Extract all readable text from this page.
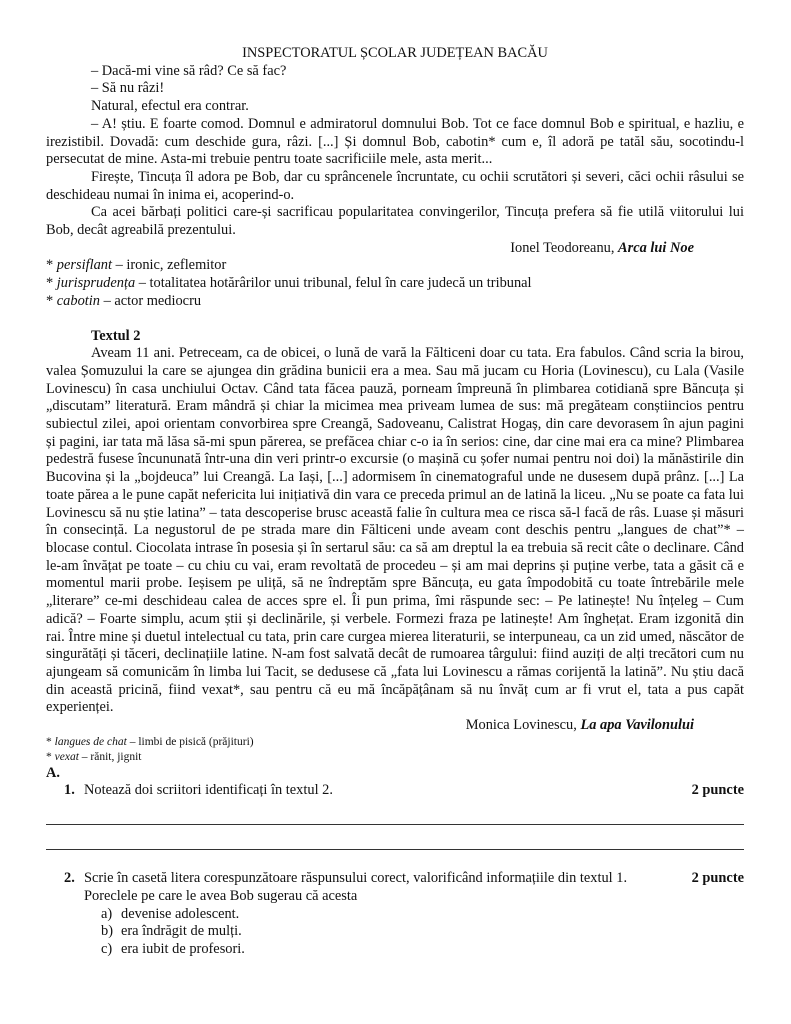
INSPECTORATUL ȘCOLAR JUDEȚEAN BACĂU

– Dacă-mi vine să râd? Ce să fac?

– Să nu râzi!

Natural, efectul era contrar.

– A! știu. E foarte comod. Domnul e admiratorul domnului Bob. Tot ce face domnul Bob e spiritual, e hazliu, e irezistibil. Dovadă: cum deschide gura, râzi. [...] Și domnul Bob, cabotin* cum e, îl adoră pe tatăl său, socotindu-l persecutat de mine. Asta-mi trebuie pentru toate sacrificiile mele, asta merit...

Firește, Tincuța îl adora pe Bob, dar cu sprâncenele încruntate, cu ochii scrutători și severi, căci ochii râsului se deschideau numai în inima ei, acoperind-o.

Ca acei bărbați politici care-și sacrificau popularitatea convingerilor, Tincuța prefera să fie utilă viitorului lui Bob, decât agreabilă prezentului.

Ionel Teodoreanu, Arca lui Noe

* persiflant – ironic, zeflemitor

* jurisprudența – totalitatea hotărârilor unui tribunal, felul în care judecă un tribunal

* cabotin – actor mediocru

Textul 2

Aveam 11 ani. Petreceam, ca de obicei, o lună de vară la Fălticeni doar cu tata. Era fabulos. Când scria la birou, valea Șomuzului la care se ajungea din grădina bunicii era a mea. Sau mă jucam cu Horia (Lovinescu), cu Lala (Vasile Lovinescu) în casa unchiului Octav. Când tata făcea pauză, porneam împreună în plimbarea cotidiană spre Băncuța și „discutam” literatură. Eram mândră și chiar la micimea mea priveam lumea de sus: mă pregăteam conștiincios pentru subiectul zilei, apoi orientam convorbirea spre Creangă, Sadoveanu, Calistrat Hogaș, din care devorasem în ajun pagini și pagini, iar tata mă lăsa să-mi spun părerea, se prefăcea chiar c-o ia în serios: cine, dar cine mai era ca mine? Plimbarea pedestră fusese încununată într-una din veri printr-o excursie (o mașină cu șofer numai pentru noi doi) la mănăstirile din Bucovina și la „bojdeuca” lui Creangă. La Iași, [...] adormisem în cinematograful unde ne dusesem după prânz. [...] La toate părea a le pune capăt nefericita lui inițiativă din vara ce preceda primul an de latină la liceu. „Nu se poate ca fata lui Lovinescu să nu știe latina” – tata descoperise brusc această falie în cultura mea ce risca să-l facă de râs. Luase și măsuri în consecință. La negustorul de pe strada mare din Fălticeni unde aveam cont deschis pentru „langues de chat”* – blocase contul. Ciocolata intrase în posesia și în sertarul său: ca să am dreptul la ea trebuia să recit câte o declinare. Când le-am învățat pe toate – cu chiu cu vai, eram revoltată de procedeu – și am mai deprins și puține verbe, tata a găsit că e momentul marii probe. Ieșisem pe uliță, să ne îndreptăm spre Băncuța, eu gata împodobită cu toate întrebările mele „literare” ce-mi deschideau calea de acces spre el. Îi pun prima, îmi răspunde sec: – Pe latinește! Nu înțeleg – Cum adică? – Foarte simplu, acum știi și declinările, și verbele. Formezi fraza pe latinește! Am înghețat. Eram izgonită din rai. Între mine și duetul intelectual cu tata, prin care curgea mierea literaturii, se interpuneau, ca un zid umed, născător de singurătăți și tăceri, declinațiile latine. N-am fost salvată decât de rumoarea târgului: fiind auziți de alți trecători cum nu ajungeam să comunicăm în limba lui Tacit, se dedusese că „fata lui Lovinescu a rămas corijentă la latină”. Nu știu dacă din această pricină, fiind vexat*, sau pentru că eu mă încăpățânam să nu învăț cum ar fi vrut el, tata a pus capăt experienței.

Monica Lovinescu, La apa Vavilonului

* langues de chat – limbi de pisică (prăjituri)

* vexat – rănit, jignit

A.

1. Notează doi scriitori identificați în textul 2.	2 puncte
2. Scrie în casetă litera corespunzătoare răspunsului corect, valorificând informațiile din textul 1.	2 puncte

Poreclele pe care le avea Bob sugerau că acesta

a) devenise adolescent.

b) era îndrăgit de mulți.

c) era iubit de profesori.
